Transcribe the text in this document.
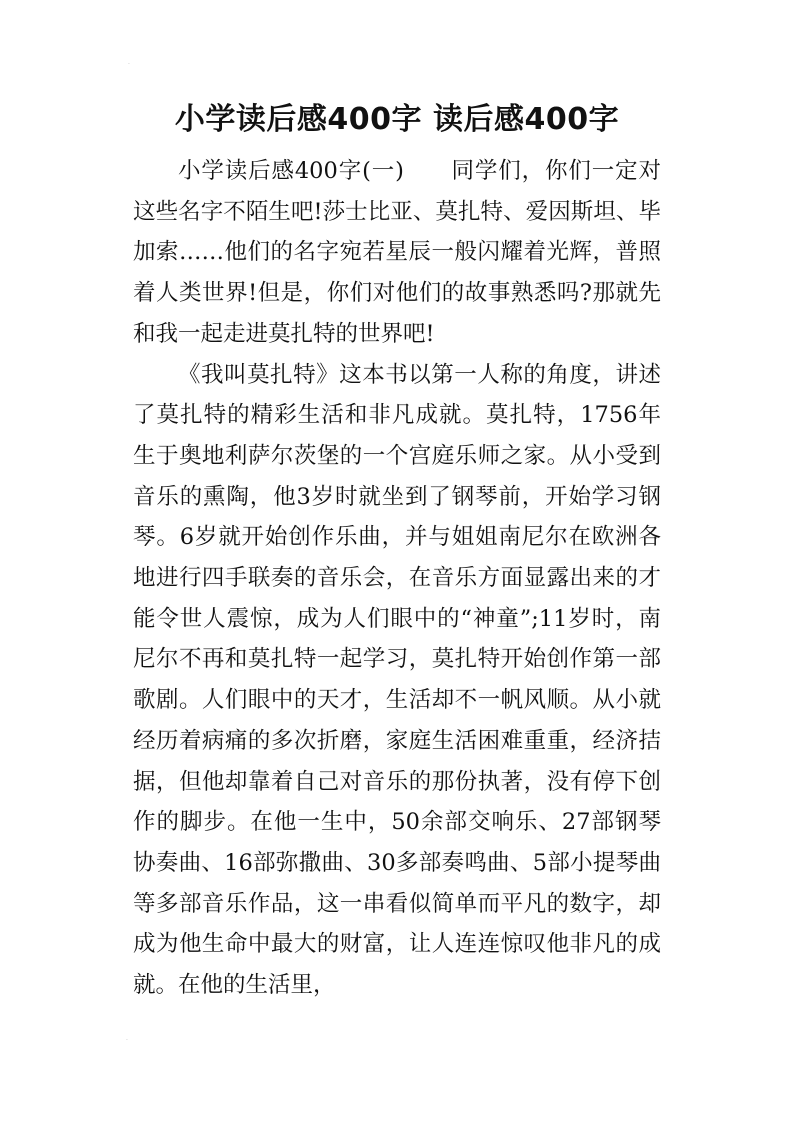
·
小学读后感400字 读后感400字

小学读后感400字(一)　　同学们，你们一定对这些名字不陌生吧!莎士比亚、莫扎特、爱因斯坦、毕加索……他们的名字宛若星辰一般闪耀着光辉，普照着人类世界!但是，你们对他们的故事熟悉吗?那就先和我一起走进莫扎特的世界吧!

《我叫莫扎特》这本书以第一人称的角度，讲述了莫扎特的精彩生活和非凡成就。莫扎特，1756年生于奥地利萨尔茨堡的一个宫庭乐师之家。从小受到音乐的熏陶，他3岁时就坐到了钢琴前，开始学习钢琴。6岁就开始创作乐曲，并与姐姐南尼尔在欧洲各地进行四手联奏的音乐会，在音乐方面显露出来的才能令世人震惊，成为人们眼中的“神童”;11岁时，南尼尔不再和莫扎特一起学习，莫扎特开始创作第一部歌剧。人们眼中的天才，生活却不一帆风顺。从小就经历着病痛的多次折磨，家庭生活困难重重，经济拮据，但他却靠着自己对音乐的那份执著，没有停下创作的脚步。在他一生中，50余部交响乐、27部钢琴协奏曲、16部弥撒曲、30多部奏鸣曲、5部小提琴曲等多部音乐作品，这一串看似简单而平凡的数字，却成为他生命中最大的财富，让人连连惊叹他非凡的成就。在他的生活里，

·
